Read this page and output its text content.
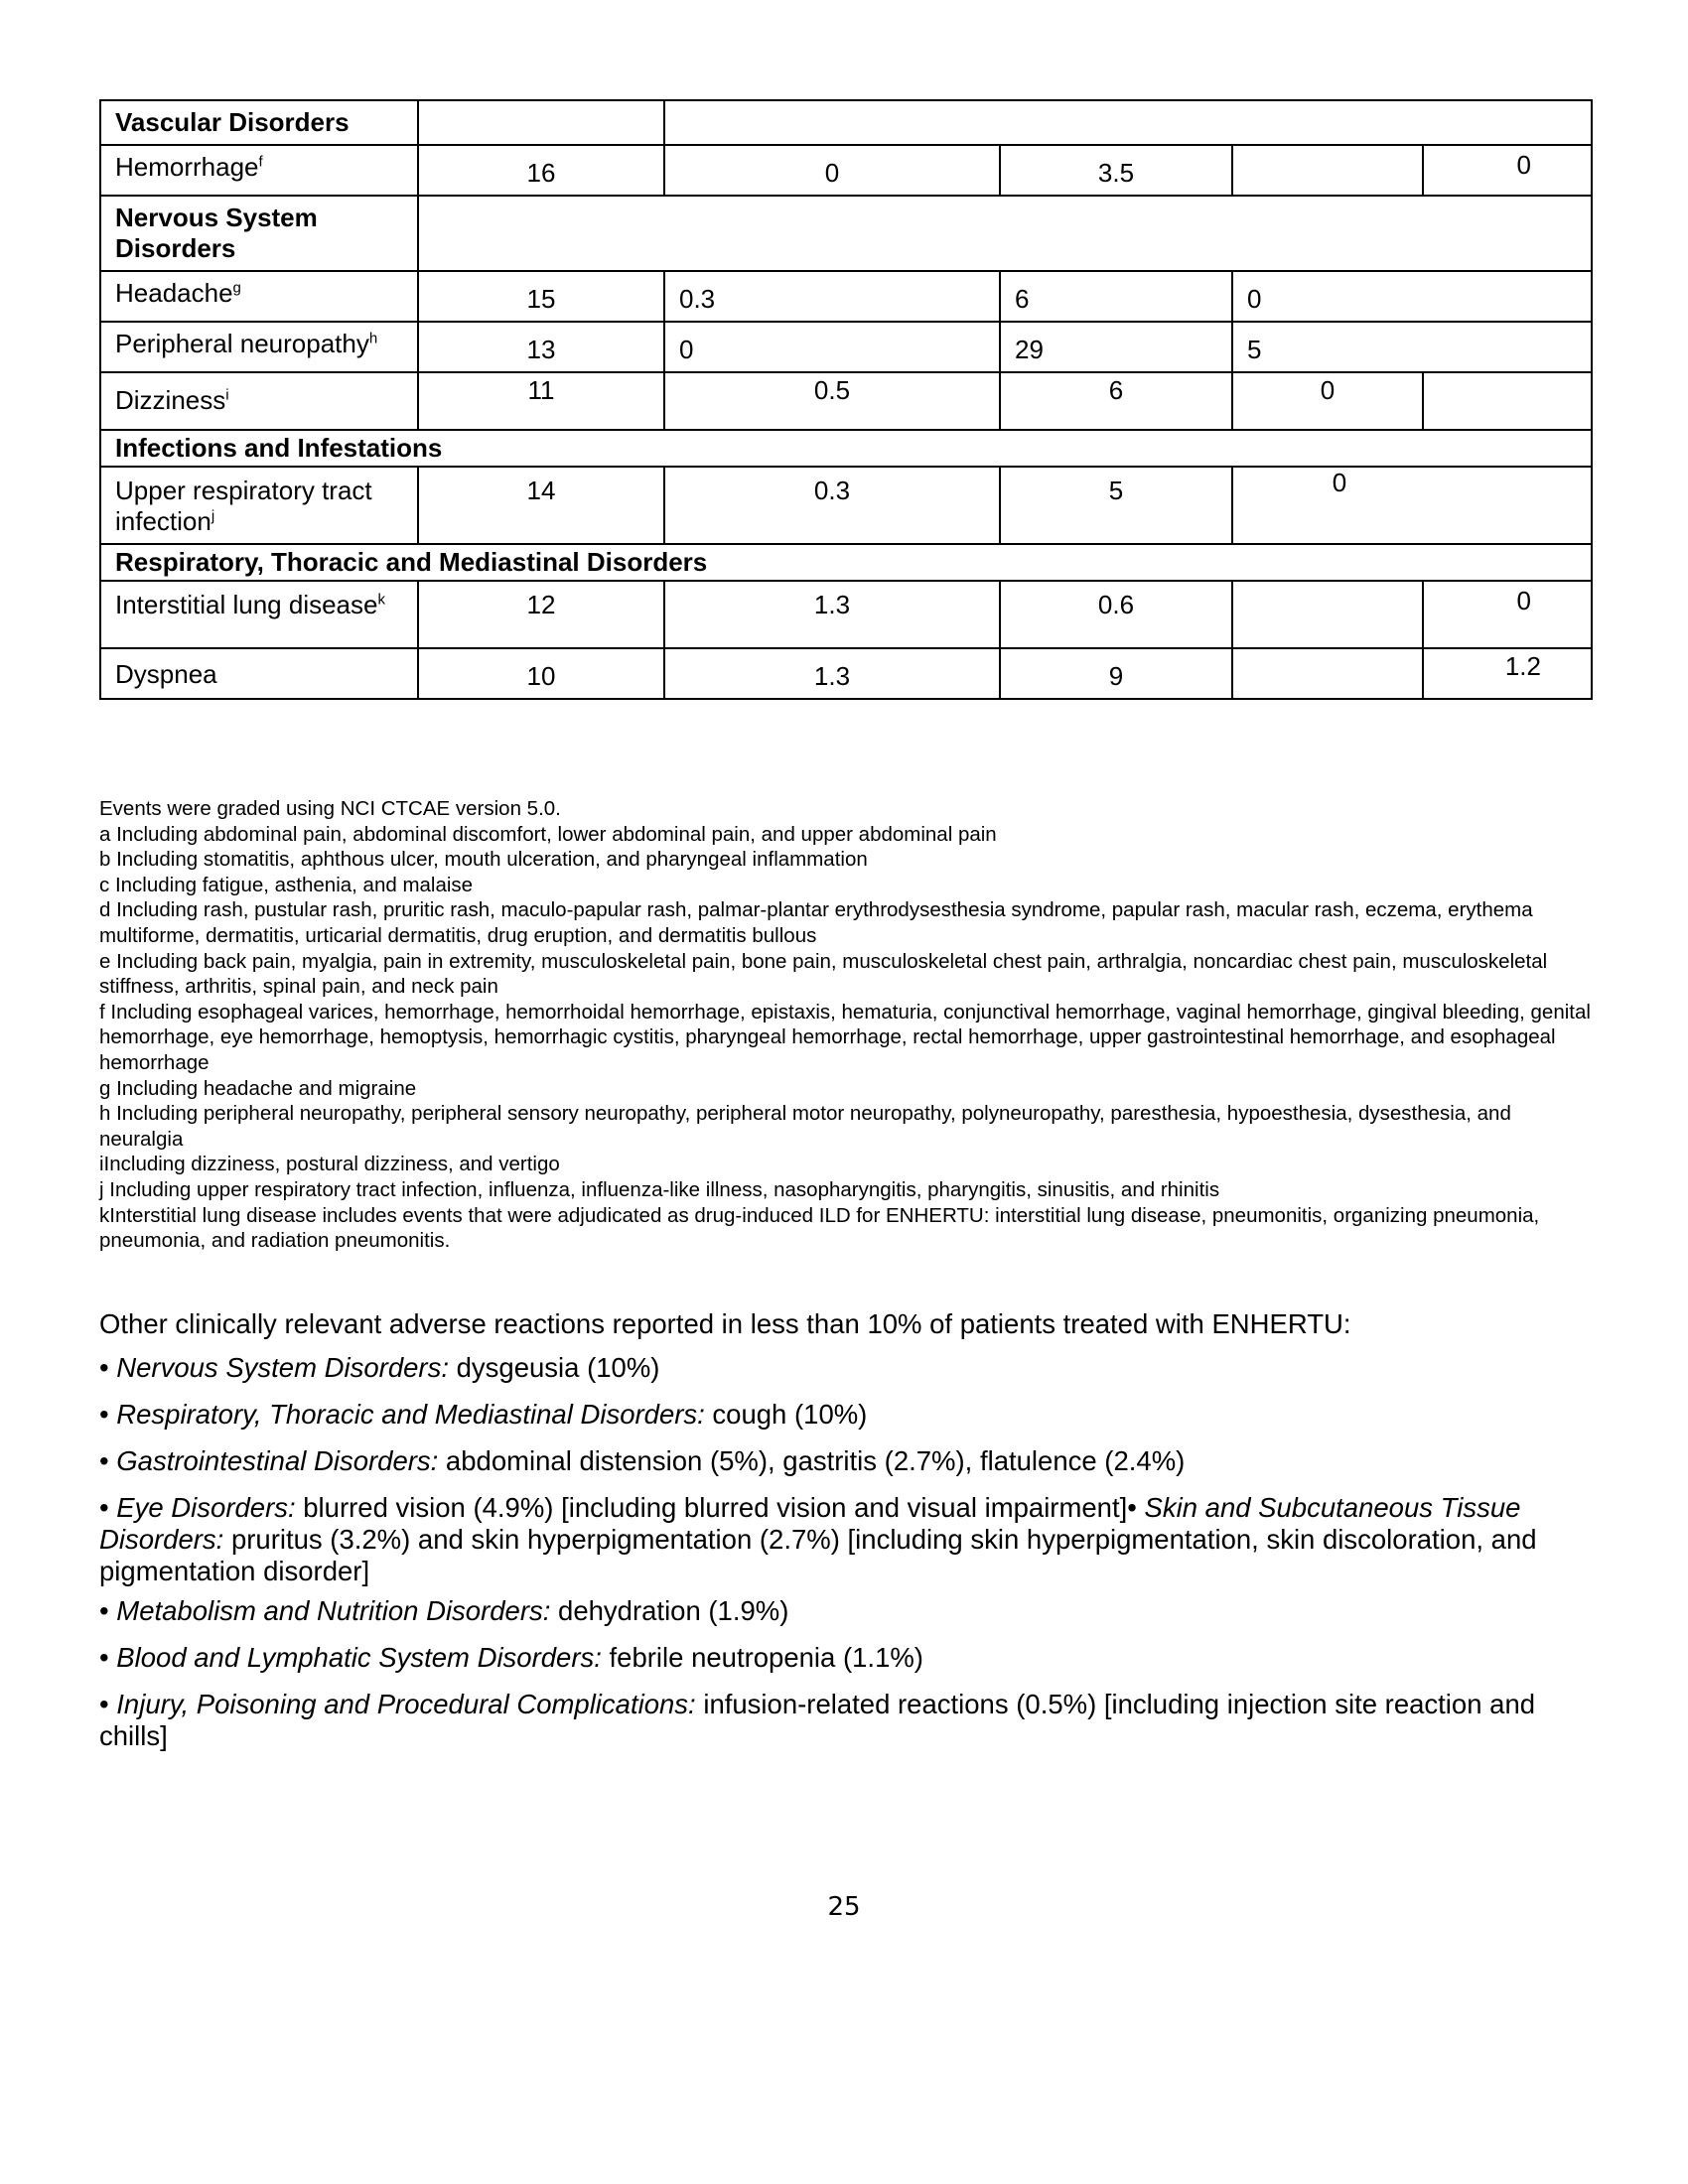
Vascular Disorders					
Hemorrhage$^f$	16	0	3.5		0
Nervous System Disorders					
Headache$^g$	15	0.3	6	0	
Peripheral neuropathy$^h$	13	0	29	5	
Dizziness$^i$	11	0.5	6	0	
Infections and Infestations					
Upper respiratory tract infection$^j$	14	0.3	5	0	
Respiratory, Thoracic and Mediastinal Disorders					
Interstitial lung disease$^k$	12	1.3	0.6		0
Dyspnea	10	1.3	9		1.2
Events were graded using NCI CTCAE version 5.0.
a Including abdominal pain, abdominal discomfort, lower abdominal pain, and upper abdominal pain
b Including stomatitis, aphthous ulcer, mouth ulceration, and pharyngeal inflammation
c Including fatigue, asthenia, and malaise
d Including rash, pustular rash, pruritic rash, maculo-papular rash, palmar-plantar erythrodysesthesia syndrome, papular rash, macular rash, eczema, erythema multiforme, dermatitis, urticarial dermatitis, drug eruption, and dermatitis bullous
e Including back pain, myalgia, pain in extremity, musculoskeletal pain, bone pain, musculoskeletal chest pain, arthralgia, noncardiac chest pain, musculoskeletal stiffness, arthritis, spinal pain, and neck pain
f Including esophageal varices, hemorrhage, hemorrhoidal hemorrhage, epistaxis, hematuria, conjunctival hemorrhage, vaginal hemorrhage, gingival bleeding, genital hemorrhage, eye hemorrhage, hemoptysis, hemorrhagic cystitis, pharyngeal hemorrhage, rectal hemorrhage, upper gastrointestinal hemorrhage, and esophageal hemorrhage
g Including headache and migraine
h Including peripheral neuropathy, peripheral sensory neuropathy, peripheral motor neuropathy, polyneuropathy, paresthesia, hypoesthesia, dysesthesia, and neuralgia
iIncluding dizziness, postural dizziness, and vertigo
j Including upper respiratory tract infection, influenza, influenza-like illness, nasopharyngitis, pharyngitis, sinusitis, and rhinitis
kInterstitial lung disease includes events that were adjudicated as drug-induced ILD for ENHERTU: interstitial lung disease, pneumonitis, organizing pneumonia,
pneumonia, and radiation pneumonitis.
Other clinically relevant adverse reactions reported in less than 10% of patients treated with ENHERTU:
• Nervous System Disorders: dysgeusia (10%)
• Respiratory, Thoracic and Mediastinal Disorders: cough (10%)
• Gastrointestinal Disorders: abdominal distension (5%), gastritis (2.7%), flatulence (2.4%)
• Eye Disorders: blurred vision (4.9%) [including blurred vision and visual impairment]• Skin and Subcutaneous Tissue Disorders: pruritus (3.2%) and skin hyperpigmentation (2.7%) [including skin hyperpigmentation, skin discoloration, and pigmentation disorder]
• Metabolism and Nutrition Disorders: dehydration (1.9%)
• Blood and Lymphatic System Disorders: febrile neutropenia (1.1%)
• Injury, Poisoning and Procedural Complications: infusion-related reactions (0.5%) [including injection site reaction and chills]
25
